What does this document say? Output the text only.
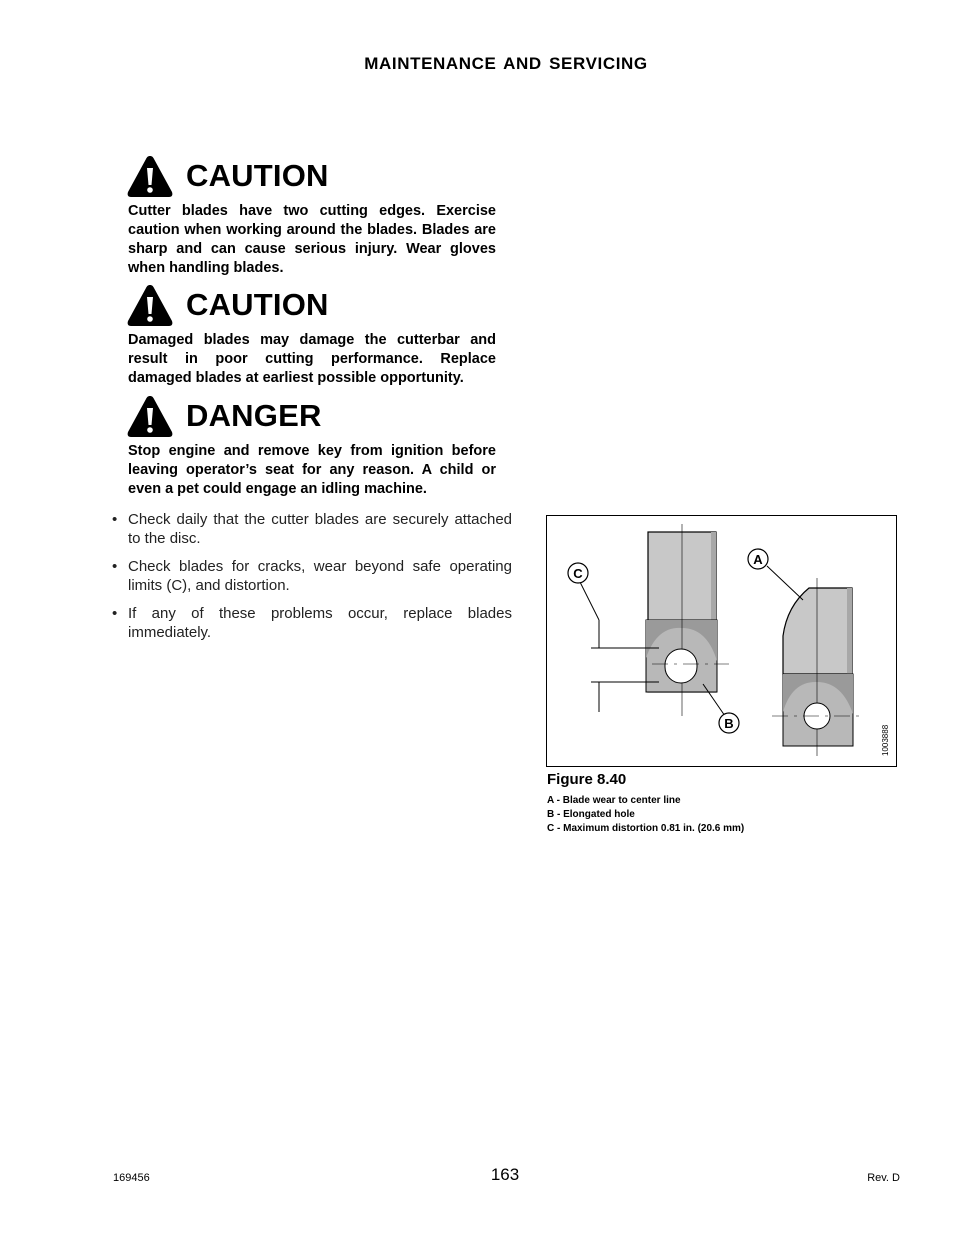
MAINTENANCE AND SERVICING
CAUTION
Cutter blades have two cutting edges. Exercise caution when working around the blades. Blades are sharp and can cause serious injury. Wear gloves when handling blades.
CAUTION
Damaged blades may damage the cutterbar and result in poor cutting performance. Replace damaged blades at earliest possible opportunity.
DANGER
Stop engine and remove key from ignition before leaving operator’s seat for any reason. A child or even a pet could engage an idling machine.
• Check daily that the cutter blades are securely attached to the disc.
• Check blades for cracks, wear beyond safe operating limits (C), and distortion.
• If any of these problems occur, replace blades immediately.
C
A
B
1003888
Figure 8.40
A - Blade wear to center line
B - Elongated hole
C - Maximum distortion 0.81 in. (20.6 mm)
169456	163	Rev. D
